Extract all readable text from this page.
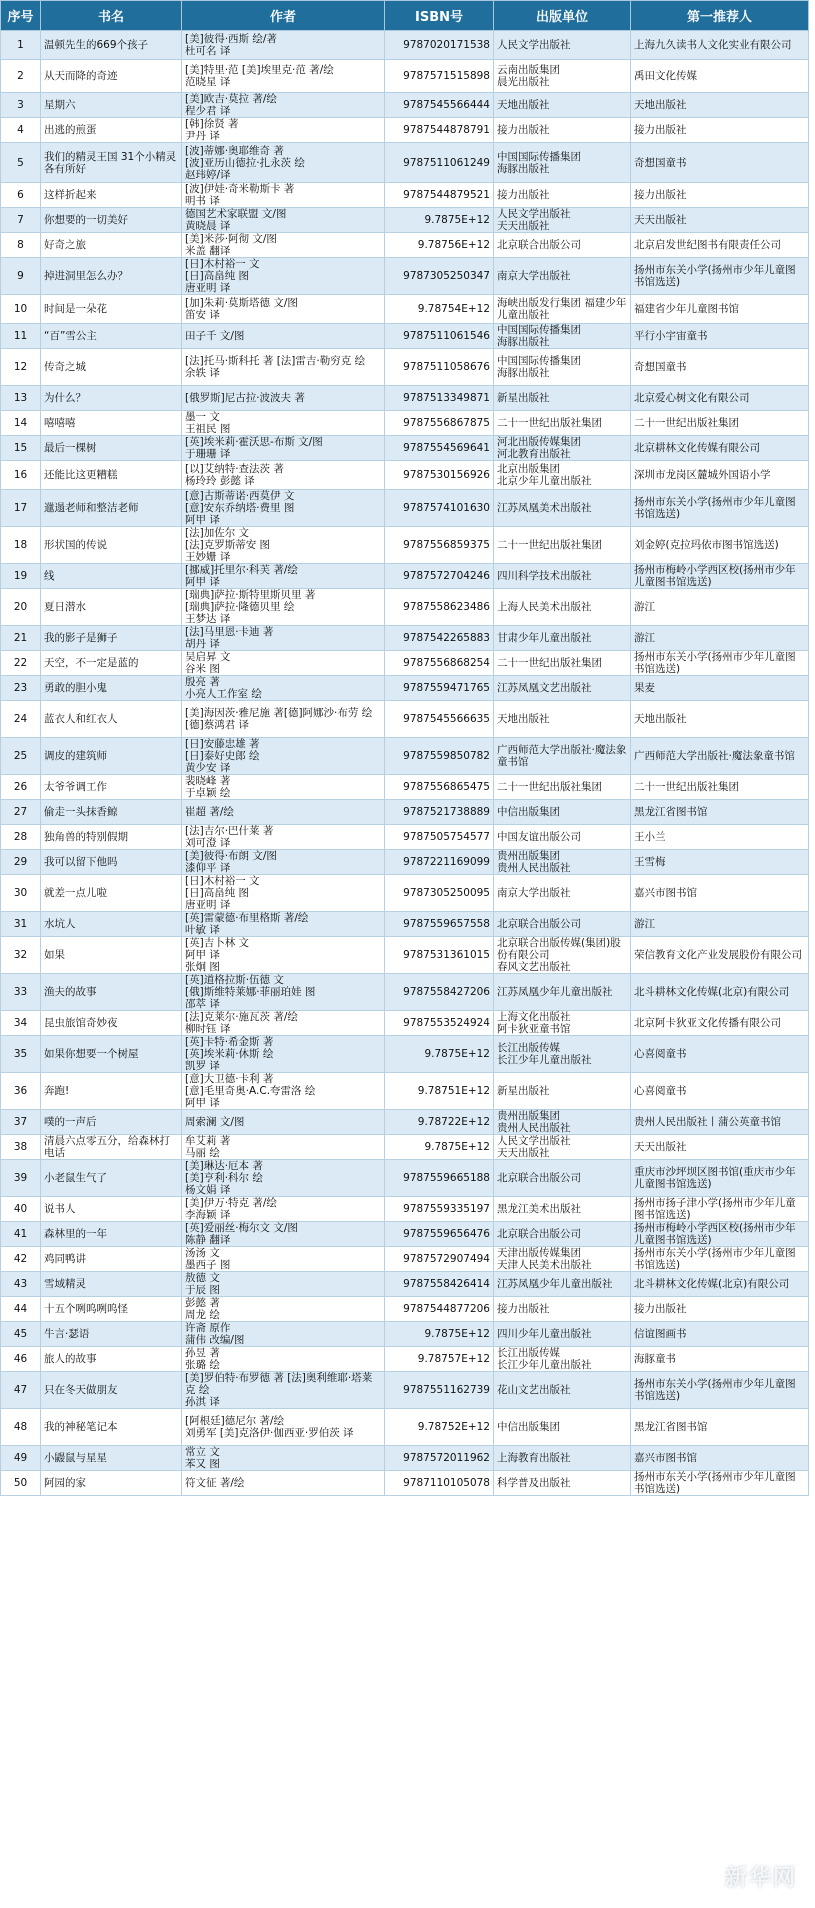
序号	书名	作者	ISBN号	出版单位	第一推荐人
1	温顿先生的669个孩子	[美]彼得·西斯 绘/著
杜可名 译	9787020171538	人民文学出版社	上海九久读书人文化实业有限公司
2	从天而降的奇迹	[美]特里·范 [美]埃里克·范 著/绘
范晓星 译	9787571515898	云南出版集团
晨光出版社	禹田文化传媒
3	星期六	[美]欧吉·莫拉 著/绘
程少君 译	9787545566444	天地出版社	天地出版社
4	出逃的煎蛋	[韩]徐贤 著
尹丹 译	9787544878791	接力出版社	接力出版社
5	我们的精灵王国 31个小精灵各有所好	[波]蒂娜·奥耶维奇 著
[波]亚历山德拉·扎永茨 绘
赵玮婷/译	9787511061249	中国国际传播集团
海豚出版社	奇想国童书
6	这样折起来	[波]伊娃·奇米勒斯卡 著
明书 译	9787544879521	接力出版社	接力出版社
7	你想要的一切美好	德国艺术家联盟 文/图
黄晓晨 译	9.7875E+12	人民文学出版社
天天出版社	天天出版社
8	好奇之旅	[美]米莎·阿彻 文/图
米盖 翻译	9.78756E+12	北京联合出版公司	北京启发世纪图书有限责任公司
9	掉进洞里怎么办？	[日]木村裕一 文
[日]高畠纯 图
唐亚明 译	9787305250347	南京大学出版社	扬州市东关小学(扬州市少年儿童图书馆选送)
10	时间是一朵花	[加]朱莉·莫斯塔德 文/图
笛安 译	9.78754E+12	海峡出版发行集团 福建少年儿童出版社	福建省少年儿童图书馆
11	“百”雪公主	田子千 文/图	9787511061546	中国国际传播集团
海豚出版社	平行小宇宙童书
12	传奇之城	[法]托马·斯科托 著 [法]雷吉·勒穷克 绘
余轶 译	9787511058676	中国国际传播集团
海豚出版社	奇想国童书
13	为什么？	[俄罗斯]尼古拉·波波夫 著	9787513349871	新星出版社	北京爱心树文化有限公司
14	嘻嘻嘻	墨一 文
王祖民 图	9787556867875	二十一世纪出版社集团	二十一世纪出版社集团
15	最后一棵树	[英]埃米莉·霍沃思-布斯 文/图
于珊珊 译	9787554569641	河北出版传媒集团
河北教育出版社	北京耕林文化传媒有限公司
16	还能比这更糟糕	[以]艾纳特·查法茨 著
杨玲玲 彭懿 译	9787530156926	北京出版集团
北京少年儿童出版社	深圳市龙岗区麓城外国语小学
17	邋遢老师和整洁老师	[意]古斯蒂诺·西莫伊 文
[意]安东乔纳塔·费里 图
阿甲 译	9787574101630	江苏凤凰美术出版社	扬州市东关小学(扬州市少年儿童图书馆选送)
18	形状国的传说	[法]加佐尔 文
[法]克罗斯蒂安 图
王妙姗 译	9787556859375	二十一世纪出版社集团	刘金婷(克拉玛依市图书馆选送)
19	线	[挪威]托里尔·科芙 著/绘
阿甲 译	9787572704246	四川科学技术出版社	扬州市梅岭小学西区校(扬州市少年儿童图书馆选送)
20	夏日潜水	[瑞典]萨拉·斯特里斯贝里 著
[瑞典]萨拉·隆德贝里 绘
王梦达 译	9787558623486	上海人民美术出版社	游江
21	我的影子是狮子	[法]马里恩·卡迪 著
胡丹 译	9787542265883	甘肃少年儿童出版社	游江
22	天空，不一定是蓝的	吴启昇 文
谷米 图	9787556868254	二十一世纪出版社集团	扬州市东关小学(扬州市少年儿童图书馆选送)
23	勇敢的胆小鬼	殷亮 著
小亮人工作室 绘	9787559471765	江苏凤凰文艺出版社	果麦
24	蓝衣人和红衣人	[美]海因茨·雅尼施 著[德]阿娜沙·布劳 绘
[德]蔡鸿君 译	9787545566635	天地出版社	天地出版社
25	调皮的建筑师	[日]安藤忠雄 著
[日]泰好史郎 绘
黄少安 译	9787559850782	广西师范大学出版社·魔法象童书馆	广西师范大学出版社·魔法象童书馆
26	太爷爷调工作	裴晓峰 著
于卓颖 绘	9787556865475	二十一世纪出版社集团	二十一世纪出版社集团
27	偷走一头抹香鲸	崔超 著/绘	9787521738889	中信出版集团	黑龙江省图书馆
28	独角兽的特别假期	[法]吉尔·巴什莱 著
刘可澄 译	9787505754577	中国友谊出版公司	王小兰
29	我可以留下他吗	[美]彼得·布朗 文/图
漆仰平 译	9787221169099	贵州出版集团
贵州人民出版社	王雪梅
30	就差一点儿啦	[日]木村裕一 文
[日]高畠纯 图
唐亚明 译	9787305250095	南京大学出版社	嘉兴市图书馆
31	水坑人	[英]雷蒙德·布里格斯 著/绘
叶敏 译	9787559657558	北京联合出版公司	游江
32	如果	[英]吉卜林 文
阿甲 译
张炯 图	9787531361015	北京联合出版传媒(集团)股份有限公司
春风文艺出版社	荣信教育文化产业发展股份有限公司
33	渔夫的故事	[英]道格拉斯·伍德 文
[俄]斯维特莱娜·菲丽珀娃 图
邵萃 译	9787558427206	江苏凤凰少年儿童出版社	北斗耕林文化传媒(北京)有限公司
34	昆虫旅馆奇妙夜	[法]克莱尔·施瓦茨 著/绘
柳时钰 译	9787553524924	上海文化出版社
阿卡狄亚童书馆	北京阿卡狄亚文化传播有限公司
35	如果你想要一个树屋	[英]卡特·希金斯 著
[英]埃米莉·休斯 绘
凯罗 译	9.7875E+12	长江出版传媒
长江少年儿童出版社	心喜阅童书
36	奔跑!	[意]大卫德·卡利 著
[意]毛里奇奥·A.C.夸雷洛 绘
阿甲 译	9.78751E+12	新星出版社	心喜阅童书
37	噗的一声后	周索澜 文/图	9.78722E+12	贵州出版集团
贵州人民出版社	贵州人民出版社丨蒲公英童书馆
38	清晨六点零五分，给森林打电话	牟艾莉 著
马丽 绘	9.7875E+12	人民文学出版社
天天出版社	天天出版社
39	小老鼠生气了	[美]琳达·厄本 著
[美]亨利·科尔 绘
杨文娟 译	9787559665188	北京联合出版公司	重庆市沙坪坝区图书馆(重庆市少年儿童图书馆选送)
40	说书人	[美]伊万·特克 著/绘
李海颖 译	9787559335197	黑龙江美术出版社	扬州市扬子津小学(扬州市少年儿童图书馆选送)
41	森林里的一年	[英]爱丽丝·梅尔文 文/图
陈静 翻译	9787559656476	北京联合出版公司	扬州市梅岭小学西区校(扬州市少年儿童图书馆选送)
42	鸡同鸭讲	汤汤 文
墨西子 图	9787572907494	天津出版传媒集团
天津人民美术出版社	扬州市东关小学(扬州市少年儿童图书馆选送)
43	雪域精灵	敖德 文
于辰 图	9787558426414	江苏凤凰少年儿童出版社	北斗耕林文化传媒(北京)有限公司
44	十五个咧呜咧呜怪	彭懿 著
周龙 绘	9787544877206	接力出版社	接力出版社
45	牛言·瑟语	许斋 原作
蒲伟 改编/图	9.7875E+12	四川少年儿童出版社	信谊图画书
46	旅人的故事	孙昱 著
张璐 绘	9.78757E+12	长江出版传媒
长江少年儿童出版社	海豚童书
47	只在冬天做朋友	[美]罗伯特·布罗德 著 [法]奥利维耶·塔莱克 绘
孙淇 译	9787551162739	花山文艺出版社	扬州市东关小学(扬州市少年儿童图书馆选送)
48	我的神秘笔记本	[阿根廷]德尼尔 著/绘
刘勇军 [美]克洛伊·伽西亚·罗伯茨 译	9.78752E+12	中信出版集团	黑龙江省图书馆
49	小鼹鼠与星星	常立 文
苯又 图	9787572011962	上海教育出版社	嘉兴市图书馆
50	阿园的家	符文征 著/绘	9787110105078	科学普及出版社	扬州市东关小学(扬州市少年儿童图书馆选送)
新华网
